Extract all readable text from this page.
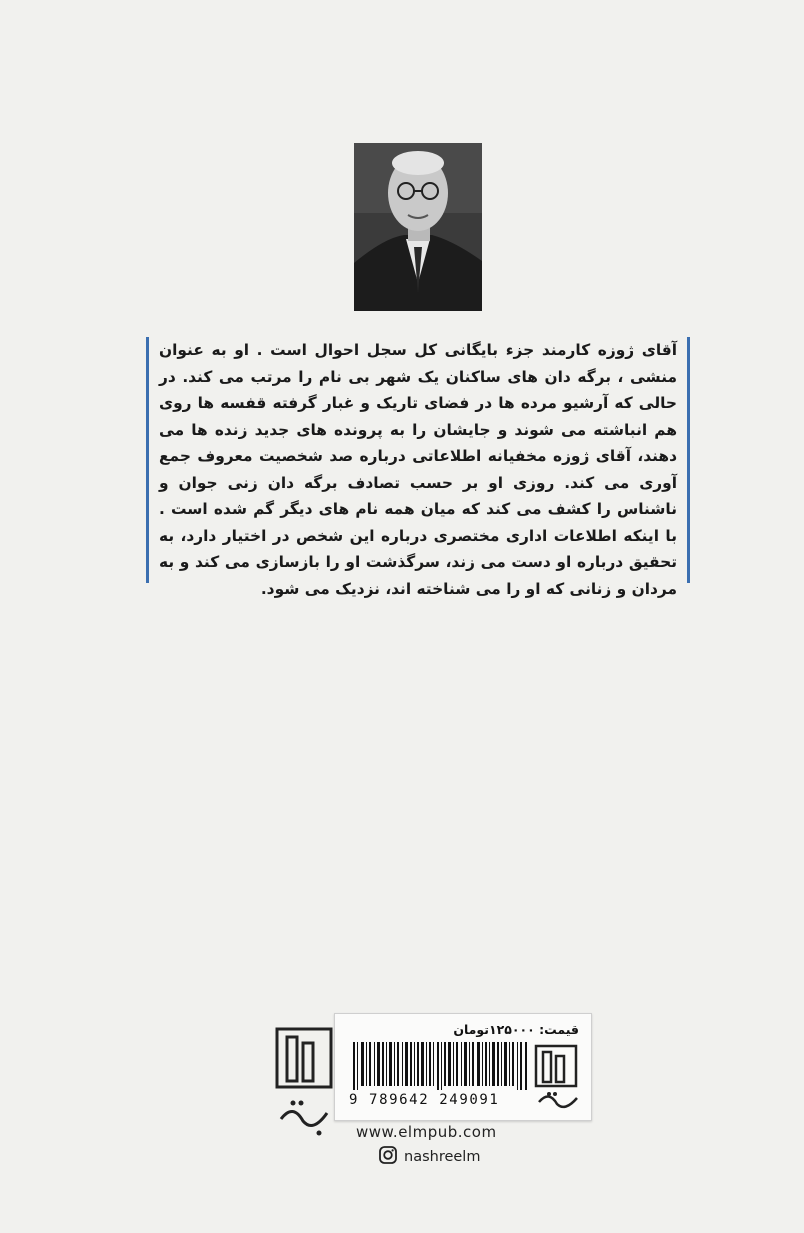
آقای ژوزه کارمند جزء بایگانی کل سجل احوال است . او به عنوان منشی ، برگه دان های ساکنان یک شهر بی نام را مرتب می کند. در حالی که آرشیو مرده ها در فضای تاریک و غبار گرفته قفسه ها روی هم انباشته می شوند و جایشان را به پرونده های جدید زنده ها می دهند، آقای ژوزه مخفیانه اطلاعاتی درباره صد شخصیت معروف جمع آوری می کند. روزی او بر حسب تصادف برگه دان زنی جوان و ناشناس را کشف می کند که میان همه نام های دیگر گم شده است . با اینکه اطلاعات اداری مختصری درباره این شخص در اختیار دارد، به تحقیق درباره او دست می زند، سرگذشت او را بازسازی می کند و به مردان و زنانی که او را می شناخته اند، نزدیک می شود.

قیمت: ۱۲۵۰۰۰تومان
9 789642 249091
www.elmpub.com
nashreelm
